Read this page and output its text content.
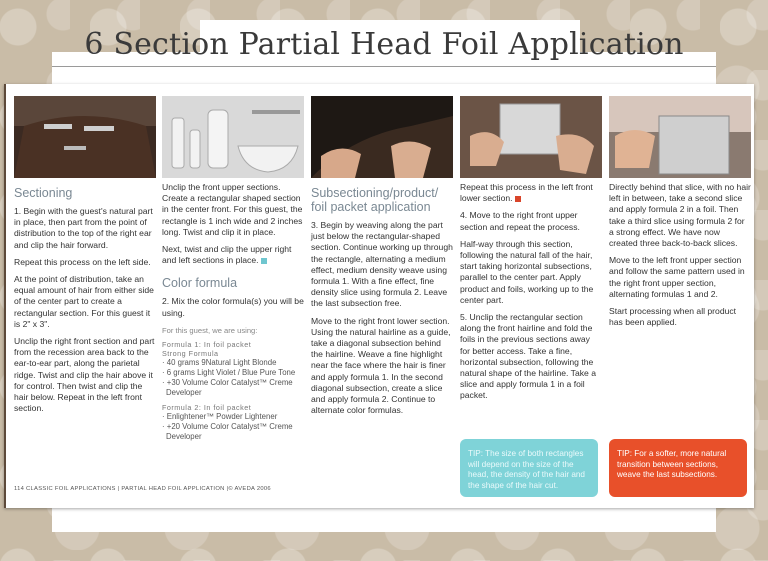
6 Section Partial Head Foil Application
Sectioning

1. Begin with the guest's natural part in place, then part from the point of distribution to the top of the right ear and clip the hair forward.

Repeat this process on the left side.

At the point of distribution, take an equal amount of hair from either side of the center part to create a rectangular section. For this guest it is 2" x 3".

Unclip the right front section and part from the recession area back to the ear-to-ear part, along the parietal ridge. Twist and clip the hair above it for control. Then twist and clip the hair below. Repeat in the left front section.

Unclip the front upper sections. Create a rectangular shaped section in the center front. For this guest, the rectangle is 1 inch wide and 2 inches long. Twist and clip it in place.

Next, twist and clip the upper right and left sections in place.

Color formula

2. Mix the color formula(s) you will be using.

For this guest, we are using:
Formula 1: In foil packet
Strong Formula
· 40 grams 9Natural Light Blonde
· 6 grams Light Violet / Blue Pure Tone
· +30 Volume Color Catalyst™ Creme
Developer
Formula 2: In foil packet
· Enlightener™ Powder Lightener
· +20 Volume Color Catalyst™ Creme
Developer
Subsectioning/product/ foil packet application

3. Begin by weaving along the part just below the rectangular-shaped section. Continue working up through the rectangle, alternating a medium effect, medium density weave using formula 1. With a fine effect, fine density slice using formula 2. Leave the last subsection free.

Move to the right front lower section. Using the natural hairline as a guide, take a diagonal subsection behind the hairline. Weave a fine highlight near the face where the hair is finer and apply formula 1. In the second diagonal subsection, create a slice and apply formula 2. Continue to alternate color formulas.

Repeat this process in the left front lower section.

4. Move to the right front upper section and repeat the process.

Half-way through this section, following the natural fall of the hair, start taking horizontal subsections, parallel to the center part. Apply product and foils, working up to the center part.

5. Unclip the rectangular section along the front hairline and fold the foils in the previous sections away for better access. Take a fine, horizontal subsection, following the natural shape of the hairline. Take a slice and apply formula 1 in a foil packet.

TIP: The size of both rectangles will depend on the size of the head, the density of the hair and the shape of the hair cut.

Directly behind that slice, with no hair left in between, take a second slice and apply formula 2 in a foil. Then take a third slice using formula 2 for a strong effect. We have now created three back-to-back slices.

Move to the left front upper section and follow the same pattern used in the right front upper section, alternating formulas 1 and 2.

Start processing when all product has been applied.

TIP: For a softer, more natural transition between sections, weave the last subsections.
114 CLASSIC FOIL APPLICATIONS | PARTIAL HEAD FOIL APPLICATION |© AVEDA 2006
